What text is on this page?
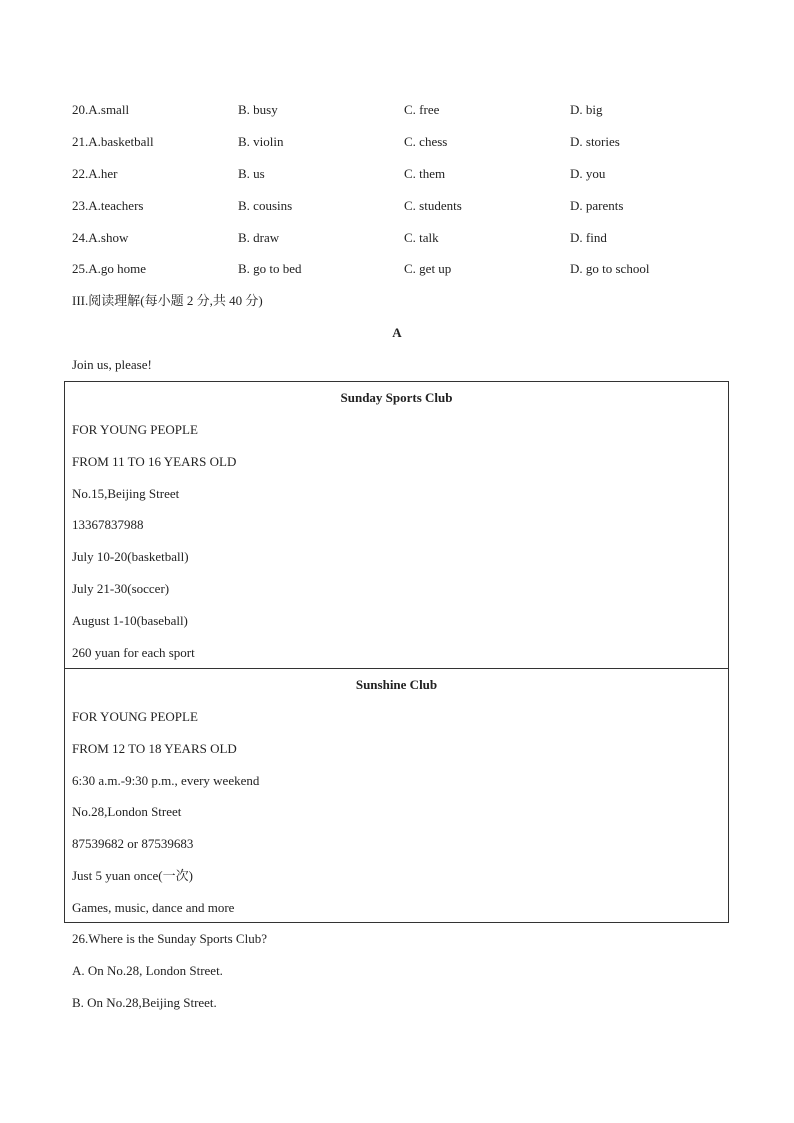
20.A.small	B. busy	C. free	D. big
21.A.basketball	B. violin	C. chess	D. stories
22.A.her	B. us	C. them	D. you
23.A.teachers	B. cousins	C. students	D. parents
24.A.show	B. draw	C. talk	D. find
25.A.go home	B. go to bed	C. get up	D. go to school
III.阅读理解(每小题 2 分,共 40 分)
A
Join us, please!
Sunday Sports Club
FOR YOUNG PEOPLE
FROM 11 TO 16 YEARS OLD
No.15,Beijing Street
13367837988
July 10-20(basketball)
July 21-30(soccer)
August 1-10(baseball)
260 yuan for each sport
Sunshine Club
FOR YOUNG PEOPLE
FROM 12 TO 18 YEARS OLD
6:30 a.m.-9:30 p.m., every weekend
No.28,London Street
87539682 or 87539683
Just 5 yuan once(一次)
Games, music, dance and more
26.Where is the Sunday Sports Club?
A. On No.28, London Street.
B. On No.28,Beijing Street.
